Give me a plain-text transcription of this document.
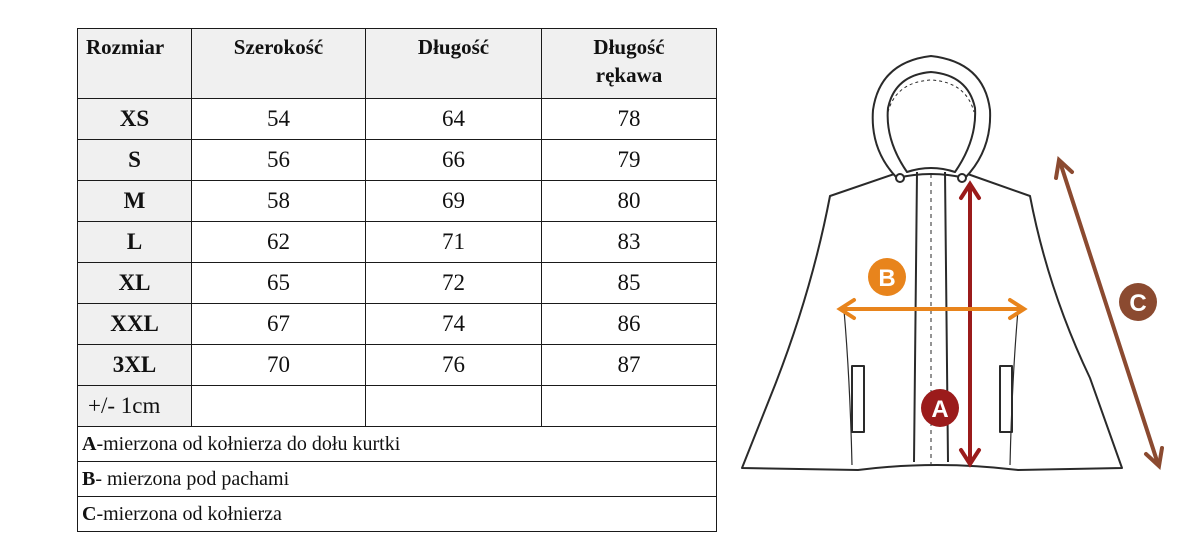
Rozmiar	Szerokość	Długość	Długość
rękawa
XS	54	64	78
S	56	66	79
M	58	69	80
L	62	71	83
XL	65	72	85
XXL	67	74	86
3XL	70	76	87
+/- 1cm			
A-mierzona od kołnierza do dołu kurtki			
B- mierzona pod pachami			
C-mierzona od kołnierza			
A
B
C
